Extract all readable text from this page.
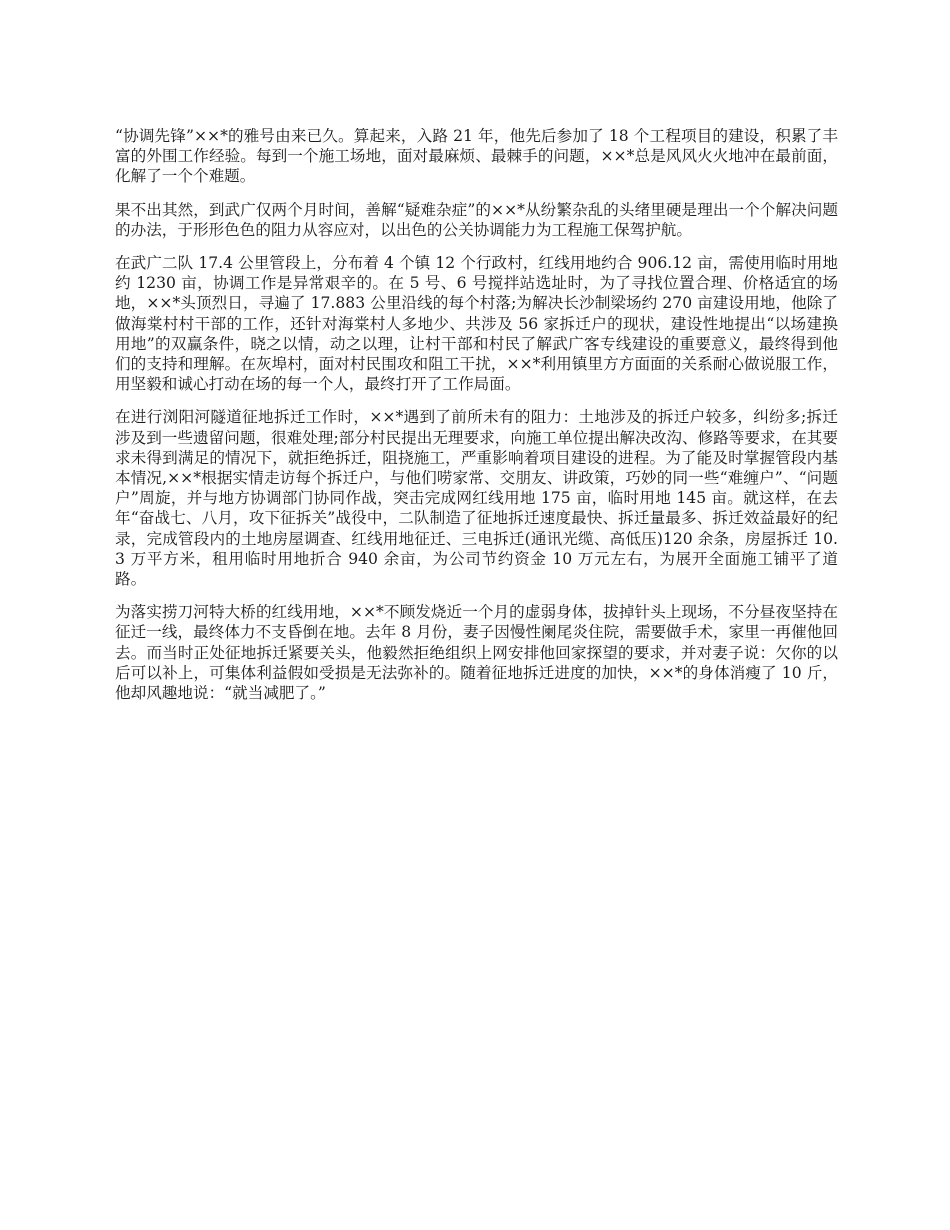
“协调先锋”××*的雅号由来已久。算起来，入路 21 年，他先后参加了 18 个工程项目的建设，积累了丰富的外围工作经验。每到一个施工场地，面对最麻烦、最棘手的问题，××*总是风风火火地冲在最前面，化解了一个个难题。

果不出其然，到武广仅两个月时间，善解“疑难杂症”的××*从纷繁杂乱的头绪里硬是理出一个个解决问题的办法，于形形色色的阻力从容应对，以出色的公关协调能力为工程施工保驾护航。

在武广二队 17.4 公里管段上，分布着 4 个镇 12 个行政村，红线用地约合 906.12 亩，需使用临时用地约 1230 亩，协调工作是异常艰辛的。在 5 号、6 号搅拌站选址时，为了寻找位置合理、价格适宜的场地，××*头顶烈日，寻遍了 17.883 公里沿线的每个村落;为解决长沙制梁场约 270 亩建设用地，他除了做海棠村村干部的工作，还针对海棠村人多地少、共涉及 56 家拆迁户的现状，建设性地提出“以场建换用地”的双赢条件，晓之以情，动之以理，让村干部和村民了解武广客专线建设的重要意义，最终得到他们的支持和理解。在灰埠村，面对村民围攻和阻工干扰，××*利用镇里方方面面的关系耐心做说服工作，用坚毅和诚心打动在场的每一个人，最终打开了工作局面。

在进行浏阳河隧道征地拆迁工作时，××*遇到了前所未有的阻力：土地涉及的拆迁户较多，纠纷多;拆迁涉及到一些遗留问题，很难处理;部分村民提出无理要求，向施工单位提出解决改沟、修路等要求，在其要求未得到满足的情况下，就拒绝拆迁，阻挠施工，严重影响着项目建设的进程。为了能及时掌握管段内基本情况,××*根据实情走访每个拆迁户，与他们唠家常、交朋友、讲政策，巧妙的同一些“难缠户”、“问题户”周旋，并与地方协调部门协同作战，突击完成网红线用地 175 亩，临时用地 145 亩。就这样，在去年“奋战七、八月，攻下征拆关”战役中，二队制造了征地拆迁速度最快、拆迁量最多、拆迁效益最好的纪录，完成管段内的土地房屋调查、红线用地征迁、三电拆迁(通讯光缆、高低压)120 余条，房屋拆迁 10.3 万平方米，租用临时用地折合 940 余亩，为公司节约资金 10 万元左右，为展开全面施工铺平了道路。

为落实捞刀河特大桥的红线用地，××*不顾发烧近一个月的虚弱身体，拔掉针头上现场，不分昼夜坚持在征迁一线，最终体力不支昏倒在地。去年 8 月份，妻子因慢性阑尾炎住院，需要做手术，家里一再催他回去。而当时正处征地拆迁紧要关头，他毅然拒绝组织上网安排他回家探望的要求，并对妻子说：欠你的以后可以补上，可集体利益假如受损是无法弥补的。随着征地拆迁进度的加快，××*的身体消瘦了 10 斤，他却风趣地说：“就当减肥了。”
